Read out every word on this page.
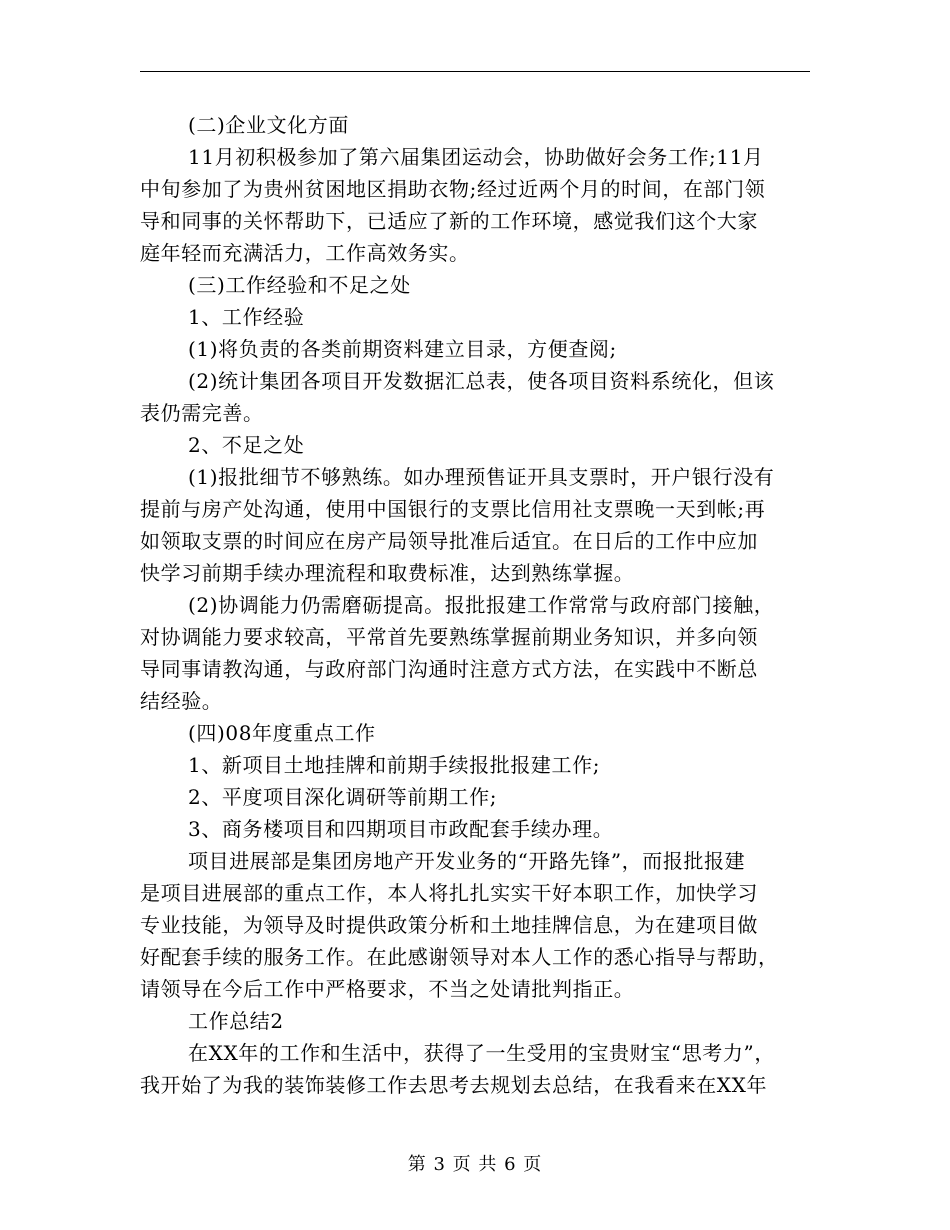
(二)企业文化方面
11月初积极参加了第六届集团运动会，协助做好会务工作;11月
中旬参加了为贵州贫困地区捐助衣物;经过近两个月的时间，在部门领
导和同事的关怀帮助下，已适应了新的工作环境，感觉我们这个大家
庭年轻而充满活力，工作高效务实。
(三)工作经验和不足之处
1、工作经验
(1)将负责的各类前期资料建立目录，方便查阅;
(2)统计集团各项目开发数据汇总表，使各项目资料系统化，但该
表仍需完善。
2、不足之处
(1)报批细节不够熟练。如办理预售证开具支票时，开户银行没有
提前与房产处沟通，使用中国银行的支票比信用社支票晚一天到帐;再
如领取支票的时间应在房产局领导批准后适宜。在日后的工作中应加
快学习前期手续办理流程和取费标准，达到熟练掌握。
(2)协调能力仍需磨砺提高。报批报建工作常常与政府部门接触，
对协调能力要求较高，平常首先要熟练掌握前期业务知识，并多向领
导同事请教沟通，与政府部门沟通时注意方式方法，在实践中不断总
结经验。
(四)08年度重点工作
1、新项目土地挂牌和前期手续报批报建工作;
2、平度项目深化调研等前期工作;
3、商务楼项目和四期项目市政配套手续办理。
项目进展部是集团房地产开发业务的“开路先锋”，而报批报建
是项目进展部的重点工作，本人将扎扎实实干好本职工作，加快学习
专业技能，为领导及时提供政策分析和土地挂牌信息，为在建项目做
好配套手续的服务工作。在此感谢领导对本人工作的悉心指导与帮助，
请领导在今后工作中严格要求，不当之处请批判指正。
工作总结2
在XX年的工作和生活中，获得了一生受用的宝贵财宝“思考力”，
我开始了为我的装饰装修工作去思考去规划去总结，在我看来在XX年
第 3 页 共 6 页
